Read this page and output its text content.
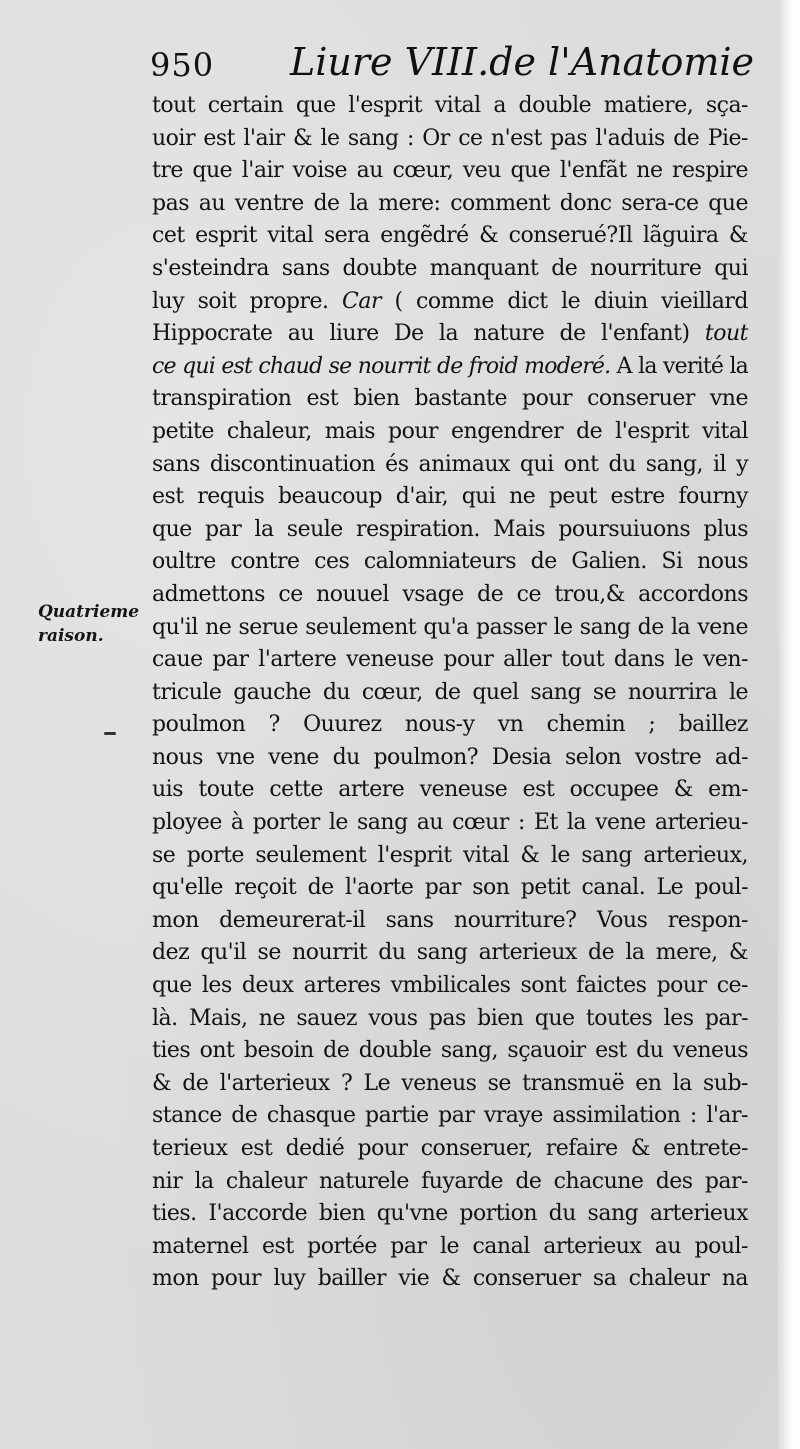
950 Liure VIII.de l'Anatomie
Quatrieme
raison.
tout certain que l'esprit vital a double matiere, sça-
uoir est l'air & le sang : Or ce n'est pas l'aduis de Pie-
tre que l'air voise au cœur, veu que l'enfãt ne respire
pas au ventre de la mere: comment donc sera-ce que
cet esprit vital sera engẽdré & conserué?Il lãguira &
s'esteindra sans doubte manquant de nourriture qui
luy soit propre. Car ( comme dict le diuin vieillard
Hippocrate au liure De la nature de l'enfant) tout
ce qui est chaud se nourrit de froid moderé. A la verité la
transpiration est bien bastante pour conseruer vne
petite chaleur, mais pour engendrer de l'esprit vital
sans discontinuation és animaux qui ont du sang, il y
est requis beaucoup d'air, qui ne peut estre fourny
que par la seule respiration. Mais poursuiuons plus
oultre contre ces calomniateurs de Galien. Si nous
admettons ce nouuel vsage de ce trou,& accordons
qu'il ne serue seulement qu'a passer le sang de la vene
caue par l'artere veneuse pour aller tout dans le ven-
tricule gauche du cœur, de quel sang se nourrira le
poulmon ? Ouurez nous-y vn chemin ; baillez
nous vne vene du poulmon? Desia selon vostre ad-
uis toute cette artere veneuse est occupee & em-
ployee à porter le sang au cœur : Et la vene arterieu-
se porte seulement l'esprit vital & le sang arterieux,
qu'elle reçoit de l'aorte par son petit canal. Le poul-
mon demeurerat-il sans nourriture? Vous respon-
dez qu'il se nourrit du sang arterieux de la mere, &
que les deux arteres vmbilicales sont faictes pour ce-
là. Mais, ne sauez vous pas bien que toutes les par-
ties ont besoin de double sang, sçauoir est du veneus
& de l'arterieux ? Le veneus se transmuë en la sub-
stance de chasque partie par vraye assimilation : l'ar-
terieux est dedié pour conseruer, refaire & entrete-
nir la chaleur naturele fuyarde de chacune des par-
ties. I'accorde bien qu'vne portion du sang arterieux
maternel est portée par le canal arterieux au poul-
mon pour luy bailler vie & conseruer sa chaleur na
